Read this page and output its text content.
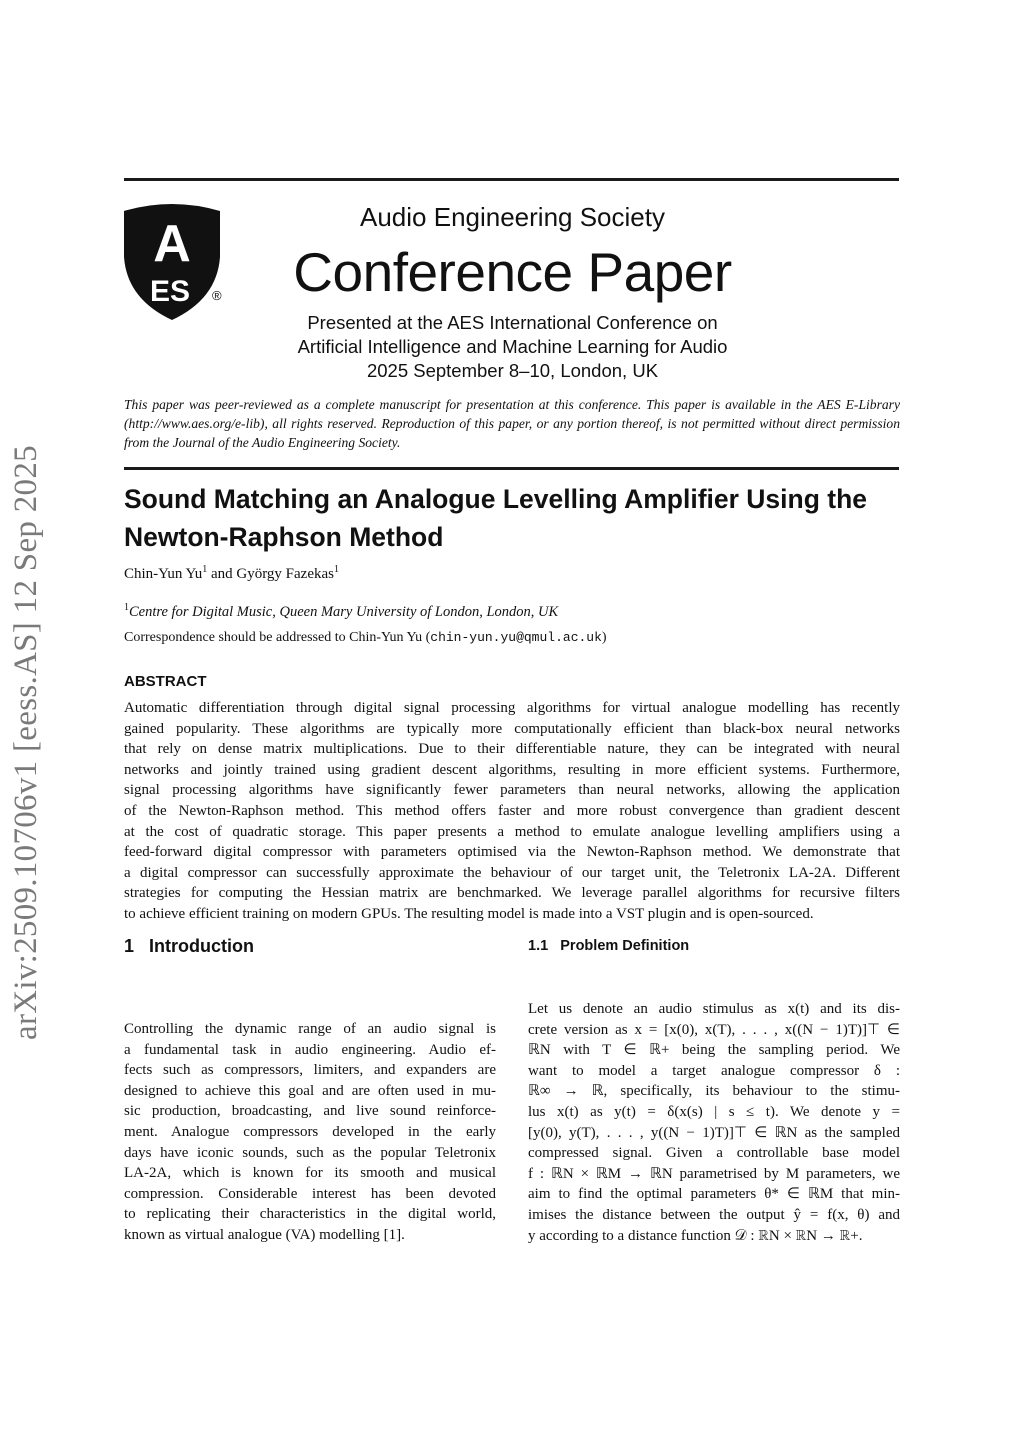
arXiv:2509.10706v1 [eess.AS] 12 Sep 2025
A
ES ®
Audio Engineering Society
Conference Paper
Presented at the AES International Conference on
Artificial Intelligence and Machine Learning for Audio
2025 September 8–10, London, UK
This paper was peer-reviewed as a complete manuscript for presentation at this conference. This paper is available in the AES E-Library (http://www.aes.org/e-lib), all rights reserved. Reproduction of this paper, or any portion thereof, is not permitted without direct permission from the Journal of the Audio Engineering Society.
Sound Matching an Analogue Levelling Amplifier Using the Newton-Raphson Method
Chin-Yun Yu$^1$ and György Fazekas$^1$
$^1$Centre for Digital Music, Queen Mary University of London, London, UK
Correspondence should be addressed to Chin-Yun Yu (chin-yun.yu@qmul.ac.uk)
ABSTRACT
Automatic differentiation through digital signal processing algorithms for virtual analogue modelling has recently
gained popularity. These algorithms are typically more computationally efficient than black-box neural networks
that rely on dense matrix multiplications. Due to their differentiable nature, they can be integrated with neural
networks and jointly trained using gradient descent algorithms, resulting in more efficient systems. Furthermore,
signal processing algorithms have significantly fewer parameters than neural networks, allowing the application
of the Newton-Raphson method. This method offers faster and more robust convergence than gradient descent
at the cost of quadratic storage. This paper presents a method to emulate analogue levelling amplifiers using a
feed-forward digital compressor with parameters optimised via the Newton-Raphson method. We demonstrate that
a digital compressor can successfully approximate the behaviour of our target unit, the Teletronix LA-2A. Different
strategies for computing the Hessian matrix are benchmarked. We leverage parallel algorithms for recursive filters
to achieve efficient training on modern GPUs. The resulting model is made into a VST plugin and is open-sourced.
1 Introduction	1.1 Problem Definition
Controlling the dynamic range of an audio signal is
a fundamental task in audio engineering. Audio ef-
fects such as compressors, limiters, and expanders are
designed to achieve this goal and are often used in mu-
sic production, broadcasting, and live sound reinforce-
ment. Analogue compressors developed in the early
days have iconic sounds, such as the popular Teletronix
LA-2A, which is known for its smooth and musical
compression. Considerable interest has been devoted
to replicating their characteristics in the digital world,
known as virtual analogue (VA) modelling [1].
Let us denote an audio stimulus as x(t) and its dis-
crete version as x = [x(0), x(T), . . . , x((N − 1)T)]⊤ ∈
ℝN with T ∈ ℝ+ being the sampling period. We
want to model a target analogue compressor δ :
ℝ∞ → ℝ, specifically, its behaviour to the stimu-
lus x(t) as y(t) = δ(x(s) | s ≤ t). We denote y =
[y(0), y(T), . . . , y((N − 1)T)]⊤ ∈ ℝN as the sampled
compressed signal. Given a controllable base model
f : ℝN × ℝM → ℝN parametrised by M parameters, we
aim to find the optimal parameters θ* ∈ ℝM that min-
imises the distance between the output ŷ = f(x, θ) and
y according to a distance function 𝒟 : ℝN × ℝN → ℝ+.
